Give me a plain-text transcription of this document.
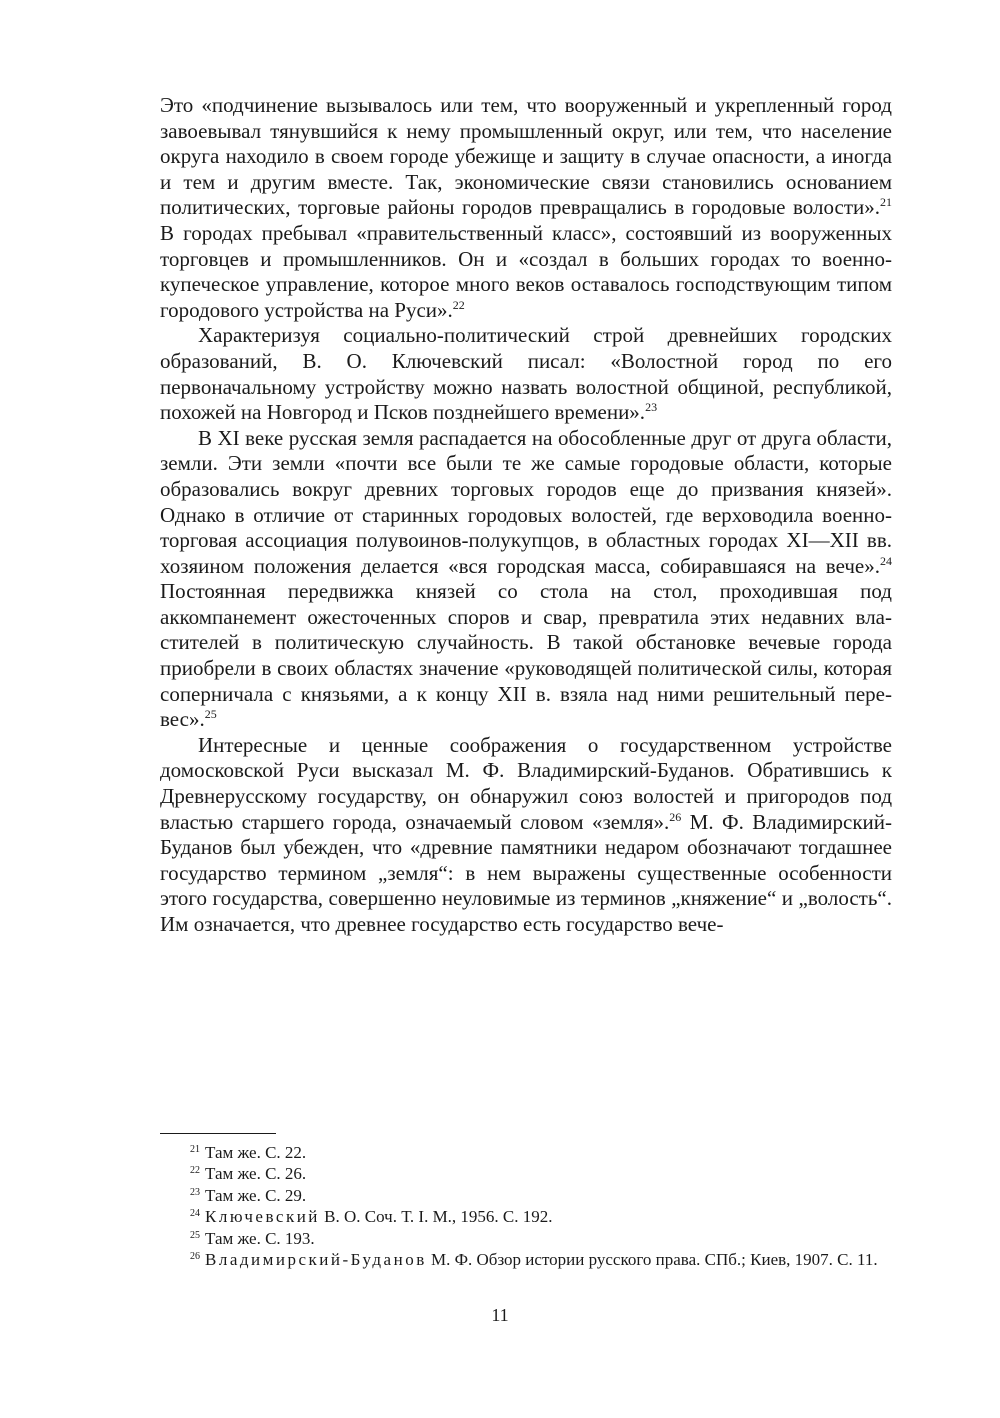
Это «подчинение вызывалось или тем, что вооруженный и укрепленный город завоевывал тянувшийся к нему промышленный округ, или тем, что население округа находило в своем городе убежище и защиту в случае опасности, а иногда и тем и другим вместе. Так, экономические связи становились основанием политических, торговые районы городов превращались в городовые волости».$^{21}$ В городах пребывал «правительственный класс», состоявший из вооруженных торговцев и промышленников. Он и «создал в больших городах то военно-купеческое управление, которое много веков оставалось господствующим типом городового устройства на Руси».$^{22}$

Характеризуя социально-политический строй древнейших городских образований, В. О. Ключевский писал: «Волостной город по его первоначальному устройству можно назвать волостной общиной, республикой, похожей на Новгород и Псков позднейшего времени».$^{23}$

В XI веке русская земля распадается на обособленные друг от друга области, земли. Эти земли «почти все были те же самые городовые области, которые образовались вокруг древних торговых городов еще до призвания князей». Однако в отличие от старинных городовых волостей, где верховодила военно-торговая ассоциация полувоинов-полукупцов, в областных городах XI—XII вв. хозяином положения делается «вся городская масса, собиравшаяся на вече».$^{24}$ Постоянная передвижка князей со стола на стол, проходившая под аккомпанемент ожесточенных споров и свар, превратила этих недавних властителей в политическую случайность. В такой обстановке вечевые города приобрели в своих областях значение «руководящей политической силы, которая соперничала с князьями, а к концу XII в. взяла над ними решительный перевес».$^{25}$

Интересные и ценные соображения о государственном устройстве домосковской Руси высказал М. Ф. Владимирский-Буданов. Обратившись к Древнерусскому государству, он обнаружил союз волостей и пригородов под властью старшего города, означаемый словом «земля».$^{26}$ М. Ф. Владимирский-Буданов был убежден, что «древние памятники недаром обозначают тогдашнее государство термином „земля“: в нем выражены существенные особенности этого государства, совершенно неуловимые из терминов „княжение“ и „волость“. Им означается, что древнее государство есть государство вече-

$^{21}$ Там же. С. 22.

$^{22}$ Там же. С. 26.

$^{23}$ Там же. С. 29.

$^{24}$ Ключевский В. О. Соч. Т. I. М., 1956. С. 192.

$^{25}$ Там же. С. 193.

$^{26}$ Владимирский-Буданов М. Ф. Обзор истории русского права. СПб.; Киев, 1907. С. 11.

11
